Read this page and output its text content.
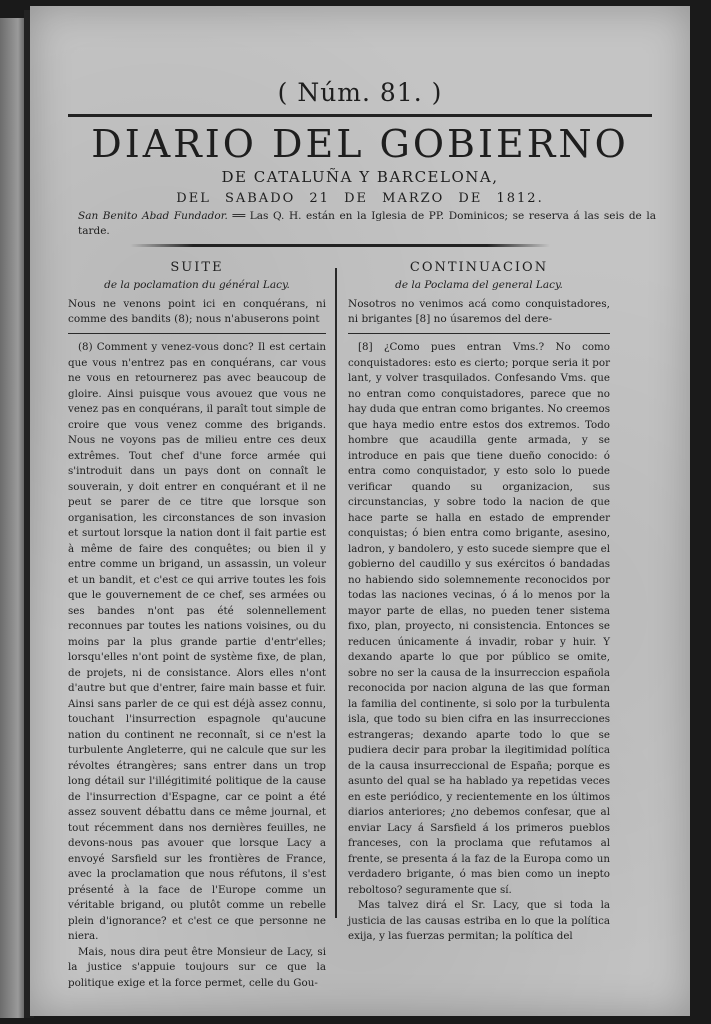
( Núm. 81. )
DIARIO DEL GOBIERNO
DE CATALUÑA Y BARCELONA,
DEL SABADO 21 DE MARZO DE 1812.
San Benito Abad Fundador. ══ Las Q. H. están en la Iglesia de PP. Dominicos; se reserva á las seis de la tarde.
SUITE
de la poclamation du général Lacy.

Nous ne venons point ici en conquérans, ni comme des bandits (8); nous n'abuserons point

(8) Comment y venez-vous donc? Il est certain que vous n'entrez pas en conquérans, car vous ne vous en retournerez pas avec beaucoup de gloire. Ainsi puisque vous avouez que vous ne venez pas en conquérans, il paraît tout simple de croire que vous venez comme des brigands. Nous ne voyons pas de milieu entre ces deux extrêmes. Tout chef d'une force armée qui s'introduit dans un pays dont on connaît le souverain, y doit entrer en conquérant et il ne peut se parer de ce titre que lorsque son organisation, les circonstances de son invasion et surtout lorsque la nation dont il fait partie est à même de faire des conquêtes; ou bien il y entre comme un brigand, un assassin, un voleur et un bandit, et c'est ce qui arrive toutes les fois que le gouvernement de ce chef, ses armées ou ses bandes n'ont pas été solennellement reconnues par toutes les nations voisines, ou du moins par la plus grande partie d'entr'elles; lorsqu'elles n'ont point de système fixe, de plan, de projets, ni de consistance. Alors elles n'ont d'autre but que d'entrer, faire main basse et fuir. Ainsi sans parler de ce qui est déjà assez connu, touchant l'insurrection espagnole qu'aucune nation du continent ne reconnaît, si ce n'est la turbulente Angleterre, qui ne calcule que sur les révoltes étrangères; sans entrer dans un trop long détail sur l'illégitimité politique de la cause de l'insurrection d'Espagne, car ce point a été assez souvent débattu dans ce même journal, et tout récemment dans nos dernières feuilles, ne devons-nous pas avouer que lorsque Lacy a envoyé Sarsfield sur les frontières de France, avec la proclamation que nous réfutons, il s'est présenté à la face de l'Europe comme un véritable brigand, ou plutôt comme un rebelle plein d'ignorance? et c'est ce que personne ne niera.

Mais, nous dira peut être Monsieur de Lacy, si la justice s'appuie toujours sur ce que la politique exige et la force permet, celle du Gou-

CONTINUACION
de la Poclama del general Lacy.

Nosotros no venimos acá como conquistadores, ni brigantes [8] no úsaremos del dere-

[8] ¿Como pues entran Vms.? No como conquistadores: esto es cierto; porque seria it por lant, y volver trasquilados. Confesando Vms. que no entran como conquistadores, parece que no hay duda que entran como brigantes. No creemos que haya medio entre estos dos extremos. Todo hombre que acaudilla gente armada, y se introduce en pais que tiene dueño conocido: ó entra como conquistador, y esto solo lo puede verificar quando su organizacion, sus circunstancias, y sobre todo la nacion de que hace parte se halla en estado de emprender conquistas; ó bien entra como brigante, asesino, ladron, y bandolero, y esto sucede siempre que el gobierno del caudillo y sus exércitos ó bandadas no habiendo sido solemnemente reconocidos por todas las naciones vecinas, ó á lo menos por la mayor parte de ellas, no pueden tener sistema fixo, plan, proyecto, ni consistencia. Entonces se reducen únicamente á invadir, robar y huir. Y dexando aparte lo que por público se omite, sobre no ser la causa de la insurreccion española reconocida por nacion alguna de las que forman la familia del continente, si solo por la turbulenta isla, que todo su bien cifra en las insurrecciones estrangeras; dexando aparte todo lo que se pudiera decir para probar la ilegitimidad política de la causa insurreccional de España; porque es asunto del qual se ha hablado ya repetidas veces en este periódico, y recientemente en los últimos diarios anteriores; ¿no debemos confesar, que al enviar Lacy á Sarsfield á los primeros pueblos franceses, con la proclama que refutamos al frente, se presenta á la faz de la Europa como un verdadero brigante, ó mas bien como un inepto reboltoso? seguramente que sí.

Mas talvez dirá el Sr. Lacy, que si toda la justicia de las causas estriba en lo que la política exija, y las fuerzas permitan; la política del
